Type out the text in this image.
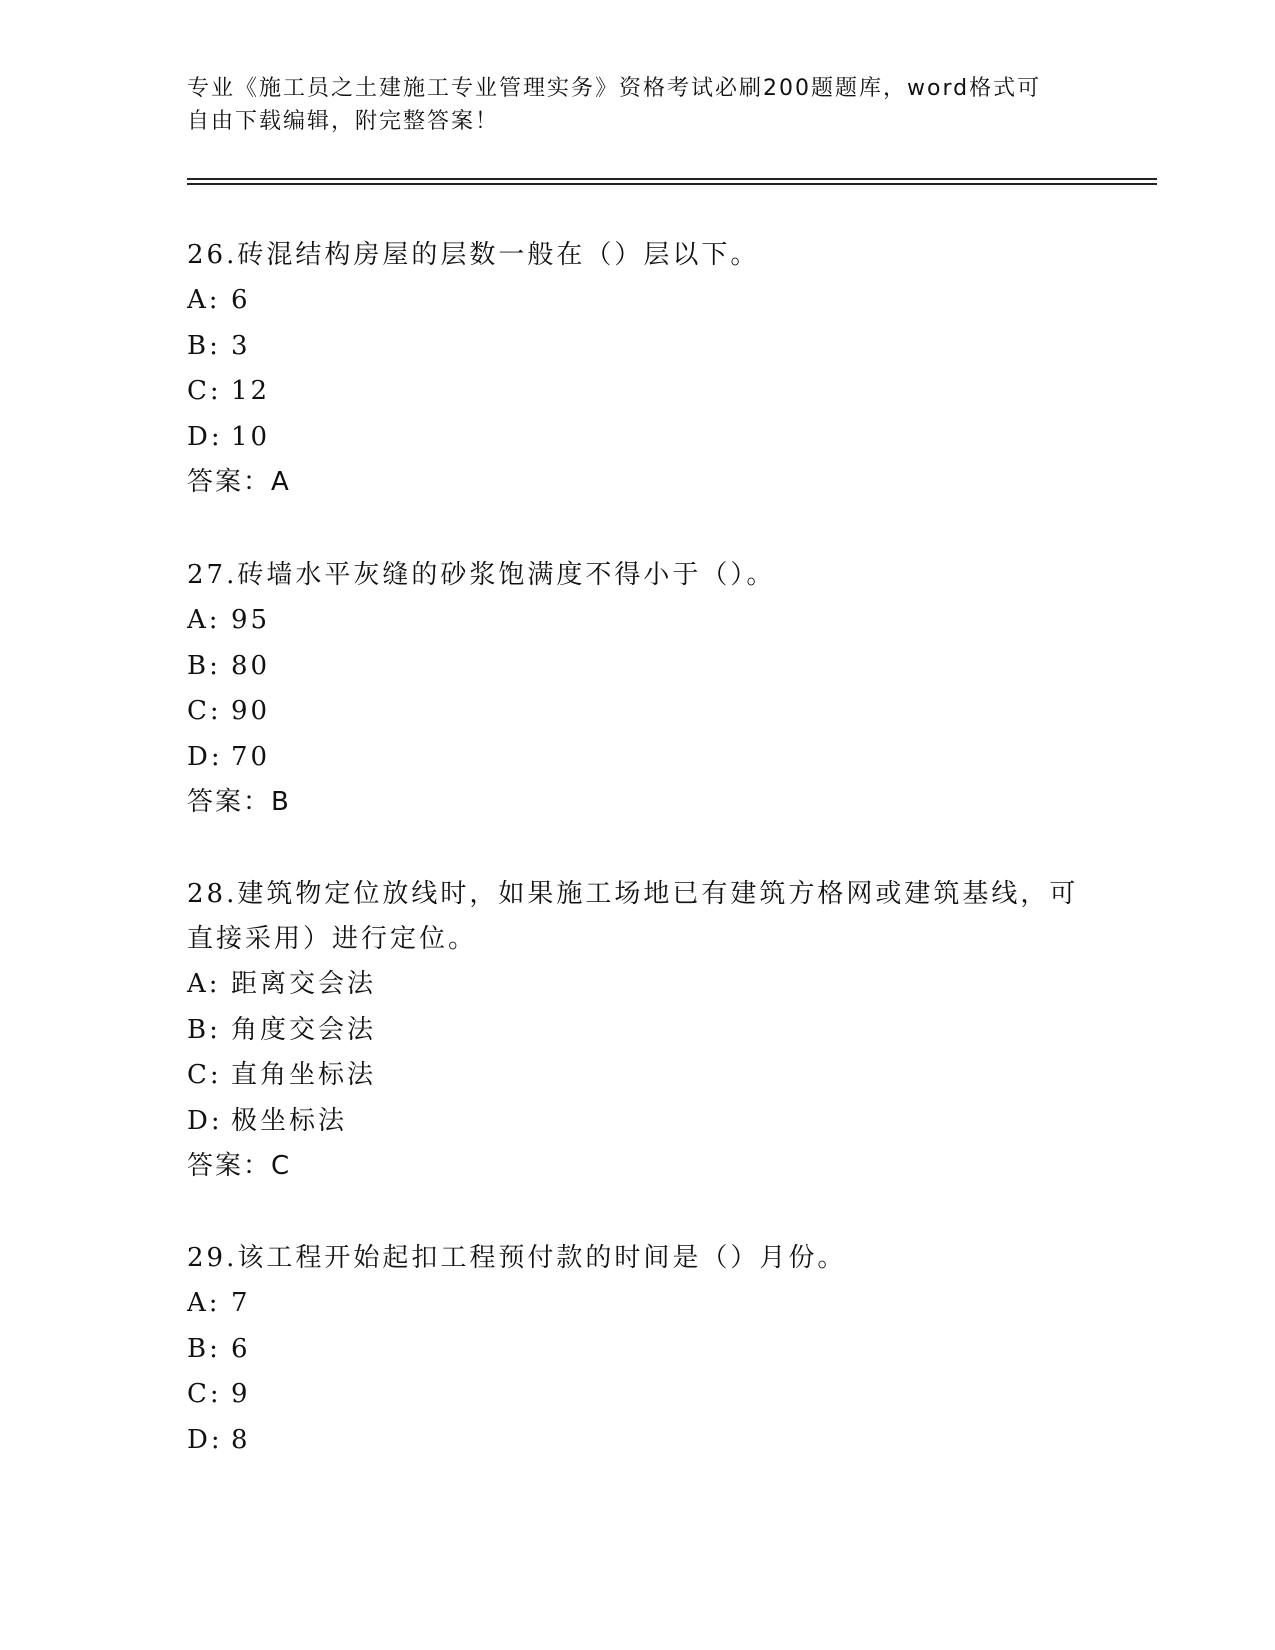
专业《施工员之土建施工专业管理实务》资格考试必刷200题题库，word格式可
自由下载编辑，附完整答案！

26.砖混结构房屋的层数一般在（）层以下。

A: 6

B: 3

C: 12

D: 10

答案：A

27.砖墙水平灰缝的砂浆饱满度不得小于（）。

A: 95

B: 80

C: 90

D: 70

答案：B

28.建筑物定位放线时，如果施工场地已有建筑方格网或建筑基线，可直接采用）进行定位。

A: 距离交会法

B: 角度交会法

C: 直角坐标法

D: 极坐标法

答案：C

29.该工程开始起扣工程预付款的时间是（）月份。

A: 7

B: 6

C: 9

D: 8
